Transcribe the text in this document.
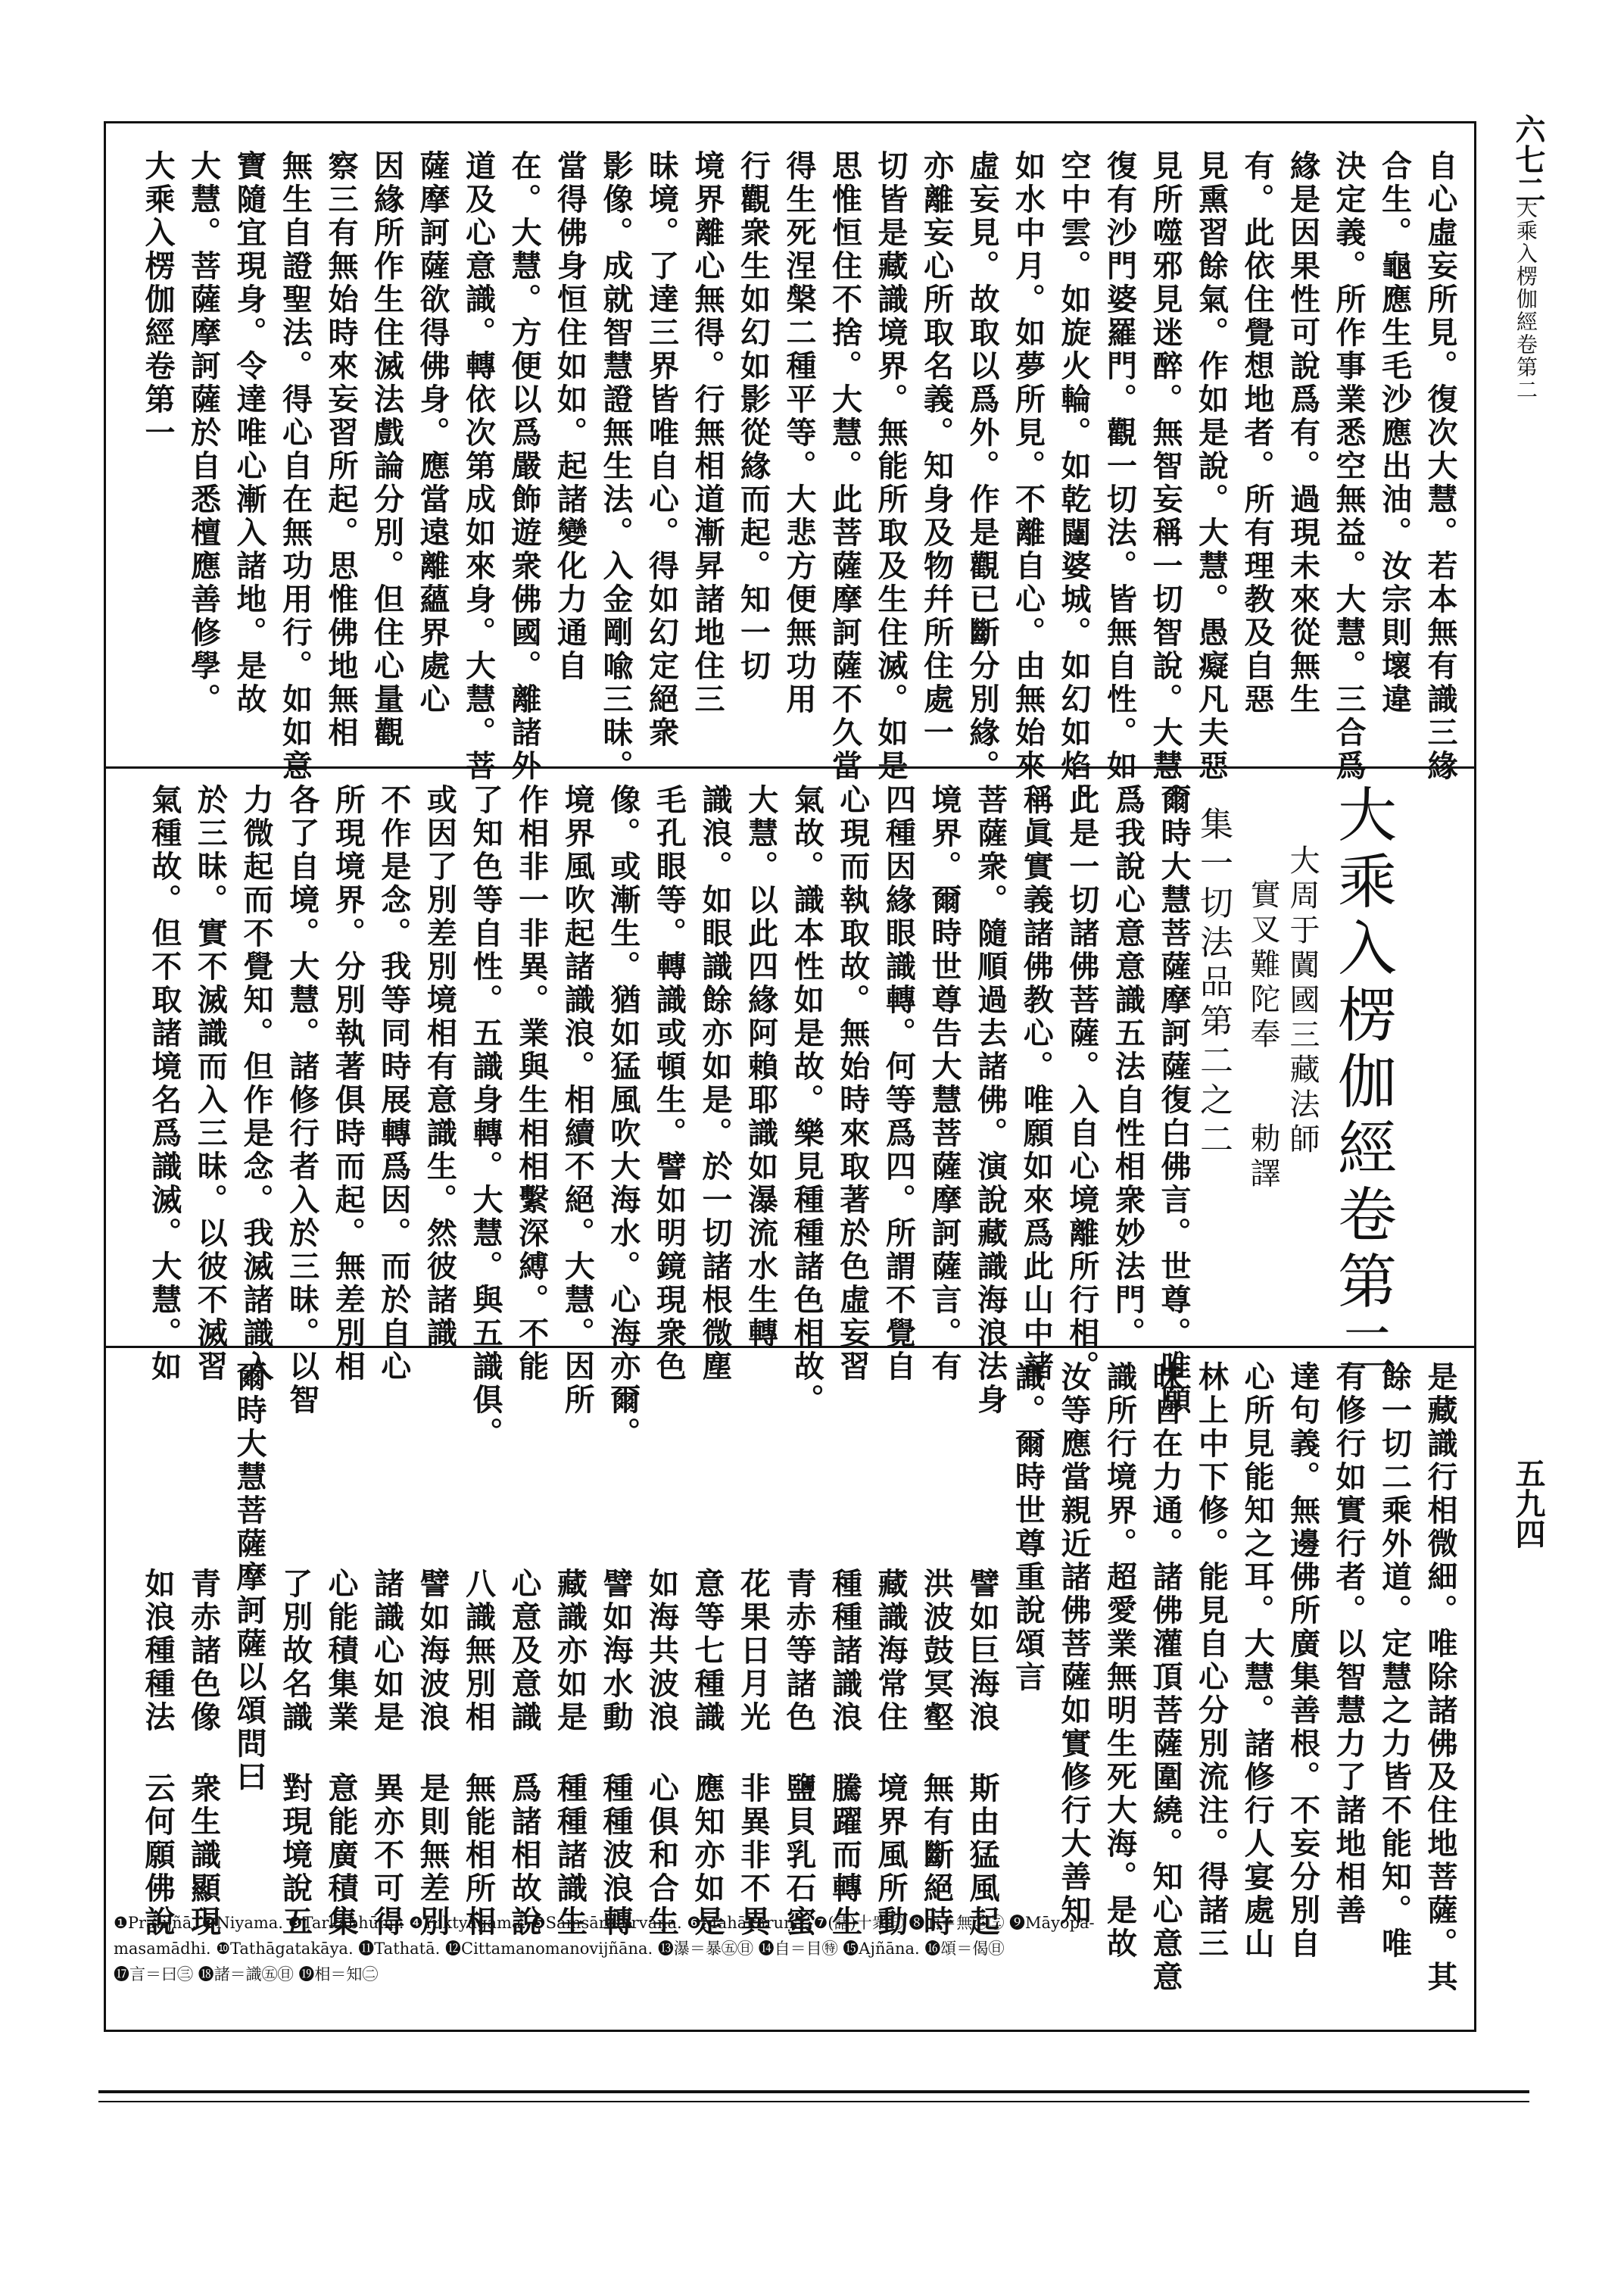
六七二
大乘入楞伽經卷第二
五九四
❶Pratijñā. ❷Niyama. ❸Tarkabhūmi. ❹Yuktyāgama. ❺Saṃsāranirvāṇa. ❻Mahākaruṇā. ❼(諸)十衆㊐ ❽而＝無㊁㊂ ❾Māyopa-
masamādhi. ❿Tathāgatakāya. ⓫Tathatā. ⓬Cittamanomanovijñāna. ⓭瀑＝暴㊄㊐ ⓮自＝目㊕ ⓯Ajñāna. ⓰頌＝偈㊐
⓱言＝曰㊂ ⓲諸＝識㊄㊐ ⓳相＝知㊁
自心虛妄所見。復次大慧。若本無有識三緣
合生。龜應生毛沙應出油。汝宗則壞違
決定義。所作事業悉空無益。大慧。三合爲
緣是因果性可說爲有。過現未來從無生
有。此依住覺想地者。所有理教及自惡
見熏習餘氣。作如是說。大慧。愚癡凡夫惡
見所噬邪見迷醉。無智妄稱一切智說。大慧。
復有沙門婆羅門。觀一切法。皆無自性。如
空中雲。如旋火輪。如乾闥婆城。如幻如焰。
如水中月。如夢所見。不離自心。由無始來
虛妄見。故取以爲外。作是觀已斷分別緣。
亦離妄心所取名義。知身及物幷所住處一
切皆是藏識境界。無能所取及生住滅。如是
思惟恒住不捨。大慧。此菩薩摩訶薩不久當
得生死涅槃二種平等。大悲方便無功用
行觀衆生如幻如影從緣而起。知一切
境界離心無得。行無相道漸昇諸地住三
昧境。了達三界皆唯自心。得如幻定絕衆
影像。成就智慧證無生法。入金剛喩三昧。
當得佛身恒住如如。起諸變化力通自
在。大慧。方便以爲嚴飾遊衆佛國。離諸外
道及心意識。轉依次第成如來身。大慧。菩
薩摩訶薩欲得佛身。應當遠離蘊界處心
因緣所作生住滅法戲論分別。但住心量觀
察三有無始時來妄習所起。思惟佛地無相
無生自證聖法。得心自在無功用行。如如意
寶隨宜現身。令達唯心漸入諸地。是故
大慧。菩薩摩訶薩於自悉檀應善修學。
大乘入楞伽經卷第一
大乘入楞伽經卷第二
大周于闐國三藏法師
實叉難陀奉　　勅譯
集一切法品第二之二
爾時大慧菩薩摩訶薩復白佛言。世尊。唯願
爲我說心意意識五法自性相衆妙法門。
此是一切諸佛菩薩。入自心境離所行相。
稱眞實義諸佛教心。唯願如來爲此山中諸
菩薩衆。隨順過去諸佛。演說藏識海浪法身
境界。爾時世尊告大慧菩薩摩訶薩言。有
四種因緣眼識轉。何等爲四。所謂不覺自
心現而執取故。無始時來取著於色虛妄習
氣故。識本性如是故。樂見種種諸色相故。
大慧。以此四緣阿賴耶識如瀑流水生轉
識浪。如眼識餘亦如是。於一切諸根微塵
毛孔眼等。轉識或頓生。譬如明鏡現衆色
像。或漸生。猶如猛風吹大海水。心海亦爾。
境界風吹起諸識浪。相續不絕。大慧。因所
作相非一非異。業與生相相繫深縛。不能
了知色等自性。五識身轉。大慧。與五識俱。
或因了別差別境相有意識生。然彼諸識
不作是念。我等同時展轉爲因。而於自心
所現境界。分別執著俱時而起。無差別相
各了自境。大慧。諸修行者入於三昧。以智
力微起而不覺知。但作是念。我滅諸識入
於三昧。實不滅識而入三昧。以彼不滅習
氣種故。但不取諸境名爲識滅。大慧。如
是藏識行相微細。唯除諸佛及住地菩薩。其
餘一切二乘外道。定慧之力皆不能知。唯
有修行如實行者。以智慧力了諸地相善
達句義。無邊佛所廣集善根。不妄分別自
心所見能知之耳。大慧。諸修行人宴處山
林上中下修。能見自心分別流注。得諸三
昧自在力通。諸佛灌頂菩薩圍繞。知心意意
識所行境界。超愛業無明生死大海。是故
汝等應當親近諸佛菩薩如實修行大善知
識。爾時世尊重說頌言
譬如巨海浪
斯由猛風起
洪波鼓冥壑
無有斷絕時
藏識海常住
境界風所動
種種諸識浪
騰躍而轉生
青赤等諸色
鹽貝乳石蜜
花果日月光
非異非不異
意等七種識
應知亦如是
如海共波浪
心俱和合生
譬如海水動
種種波浪轉
藏識亦如是
種種諸識生
心意及意識
爲諸相故說
八識無別相
無能相所相
譬如海波浪
是則無差別
諸識心如是
異亦不可得
心能積集業
意能廣積集
了別故名識
對現境說五
爾時大慧菩薩摩訶薩以頌問曰
青赤諸色像
衆生識顯現
如浪種種法
云何願佛說
